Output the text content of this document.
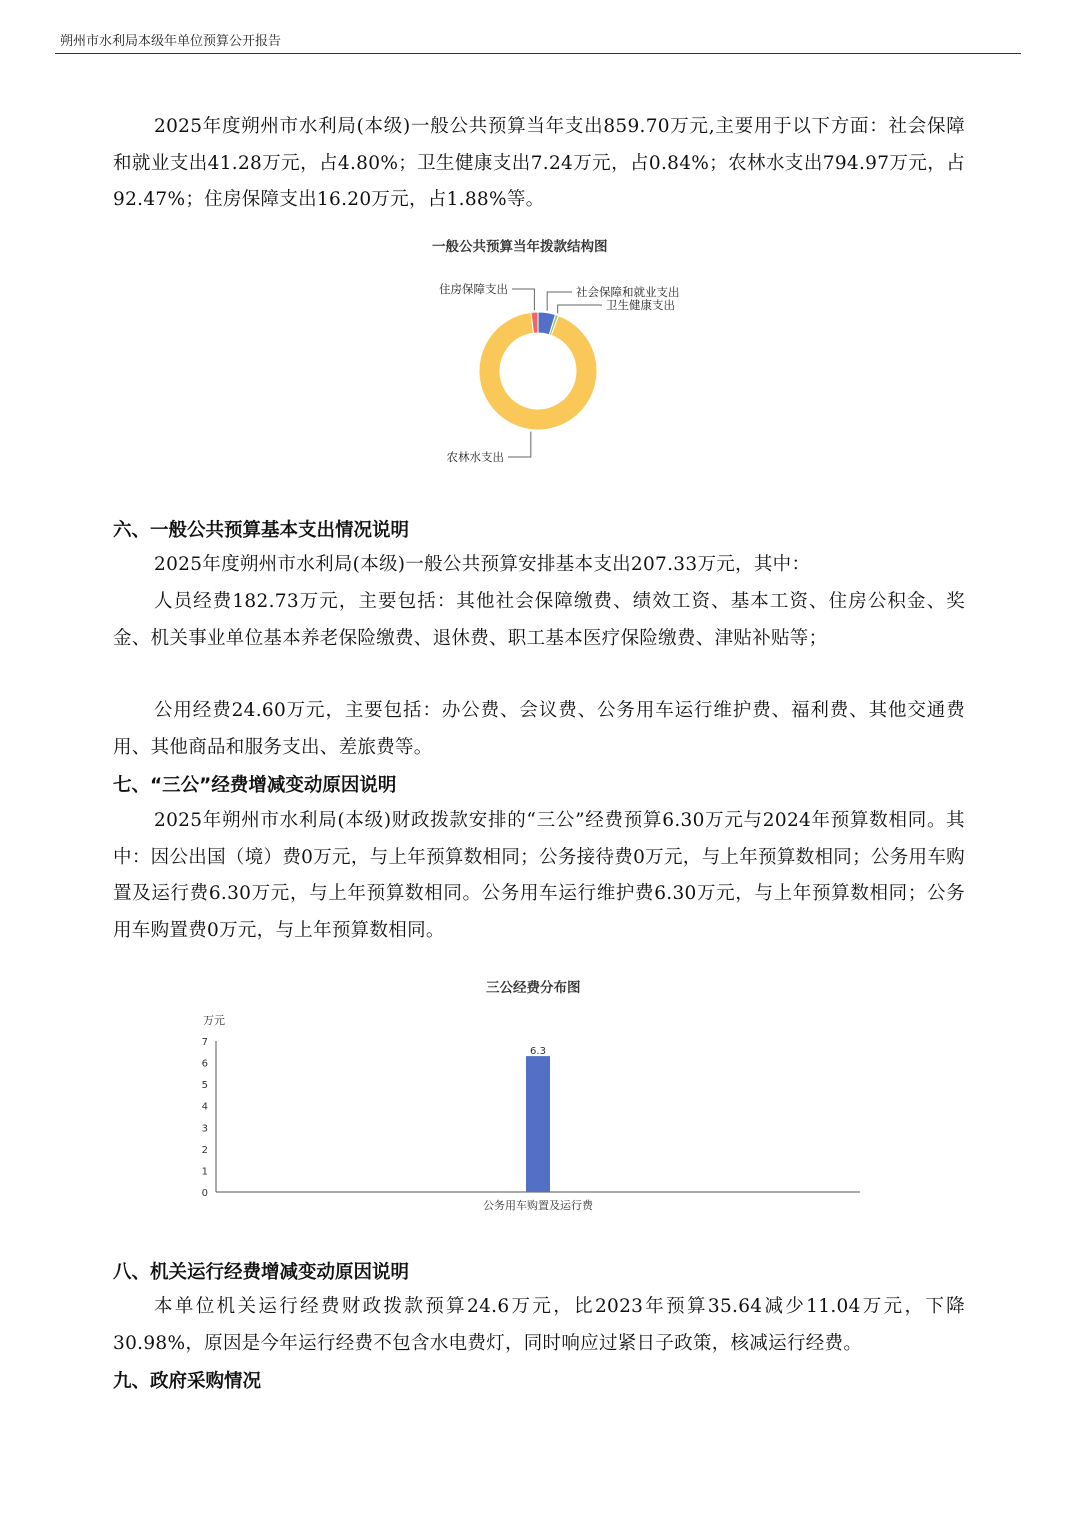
朔州市水利局本级年单位预算公开报告

2025年度朔州市水利局(本级)一般公共预算当年支出859.70万元,主要用于以下方面：社会保障和就业支出41.28万元，占4.80%；卫生健康支出7.24万元，占0.84%；农林水支出794.97万元，占92.47%；住房保障支出16.20万元，占1.88%等。

一般公共预算当年拨款结构图
社会保障和就业支出
卫生健康支出
农林水支出
住房保障支出

六、一般公共预算基本支出情况说明

2025年度朔州市水利局(本级)一般公共预算安排基本支出207.33万元，其中：

人员经费182.73万元，主要包括：其他社会保障缴费、绩效工资、基本工资、住房公积金、奖金、机关事业单位基本养老保险缴费、退休费、职工基本医疗保险缴费、津贴补贴等；

公用经费24.60万元，主要包括：办公费、会议费、公务用车运行维护费、福利费、其他交通费用、其他商品和服务支出、差旅费等。

七、“三公”经费增减变动原因说明

2025年朔州市水利局(本级)财政拨款安排的“三公”经费预算6.30万元与2024年预算数相同。其中：因公出国（境）费0万元，与上年预算数相同；公务接待费0万元，与上年预算数相同；公务用车购置及运行费6.30万元，与上年预算数相同。公务用车运行维护费6.30万元，与上年预算数相同；公务用车购置费0万元，与上年预算数相同。

三公经费分布图
万元
0
1
2
3
4
5
6
7
6.3
公务用车购置及运行费

八、机关运行经费增减变动原因说明

本单位机关运行经费财政拨款预算24.6万元，比2023年预算35.64减少11.04万元，下降30.98%，原因是今年运行经费不包含水电费灯，同时响应过紧日子政策，核减运行经费。

九、政府采购情况
